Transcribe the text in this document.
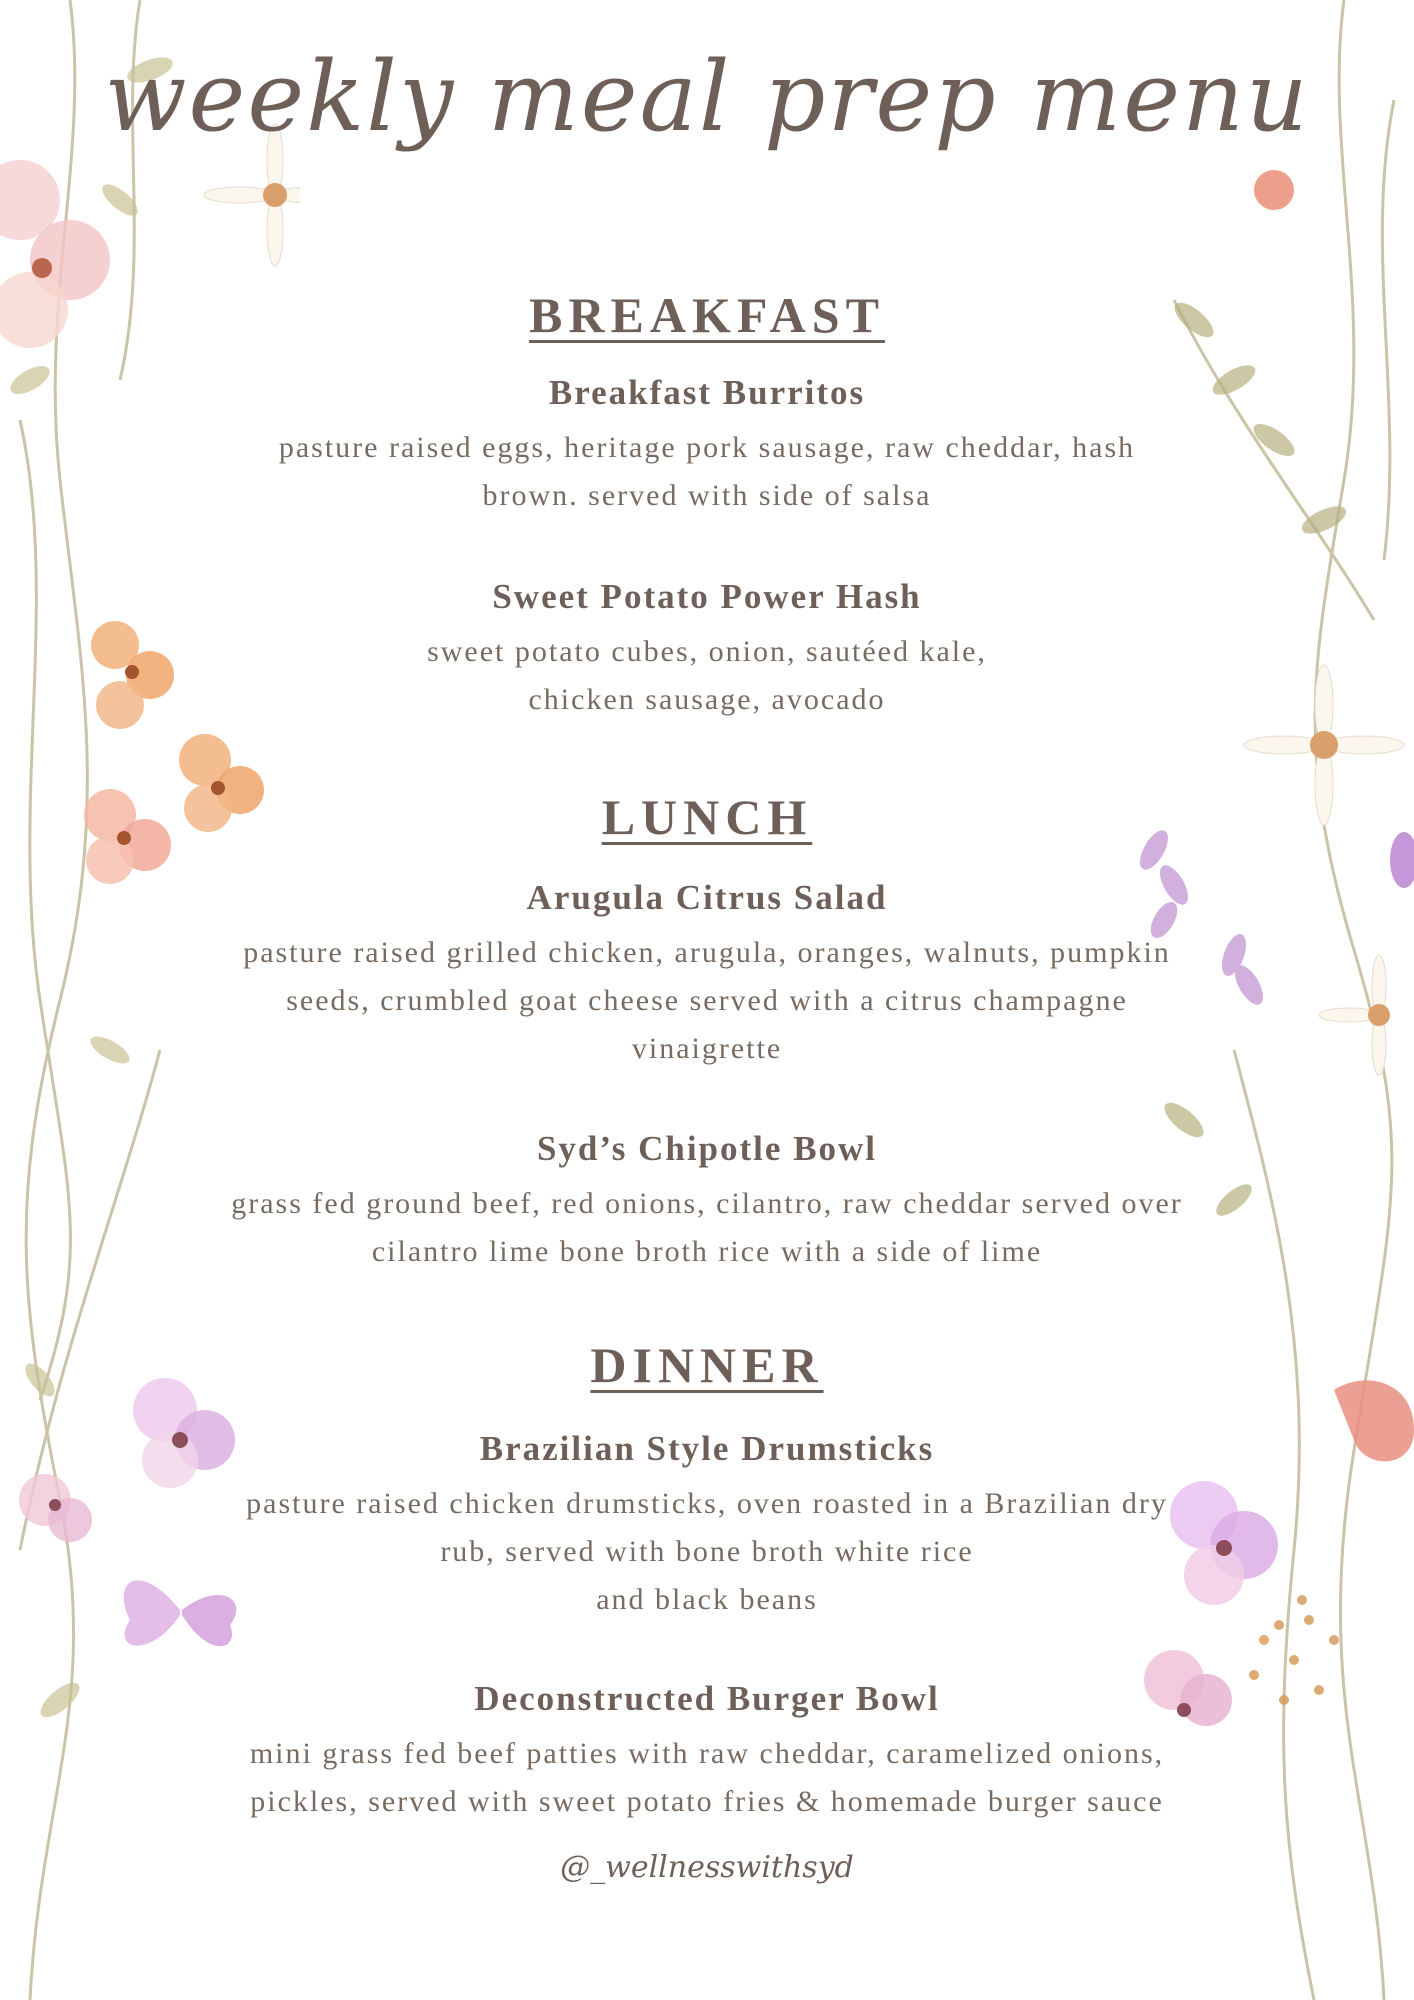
weekly meal prep menu
BREAKFAST
Breakfast Burritos
pasture raised eggs, heritage pork sausage, raw cheddar, hash
brown. served with side of salsa
Sweet Potato Power Hash
sweet potato cubes, onion, sautéed kale,
chicken sausage, avocado
LUNCH
Arugula Citrus Salad
pasture raised grilled chicken, arugula, oranges, walnuts, pumpkin
seeds, crumbled goat cheese served with a citrus champagne
vinaigrette
Syd’s Chipotle Bowl
grass fed ground beef, red onions, cilantro, raw cheddar served over
cilantro lime bone broth rice with a side of lime
DINNER
Brazilian Style Drumsticks
pasture raised chicken drumsticks, oven roasted in a Brazilian dry
rub, served with bone broth white rice
and black beans
Deconstructed Burger Bowl
mini grass fed beef patties with raw cheddar, caramelized onions,
pickles, served with sweet potato fries & homemade burger sauce
@_wellnesswithsyd
